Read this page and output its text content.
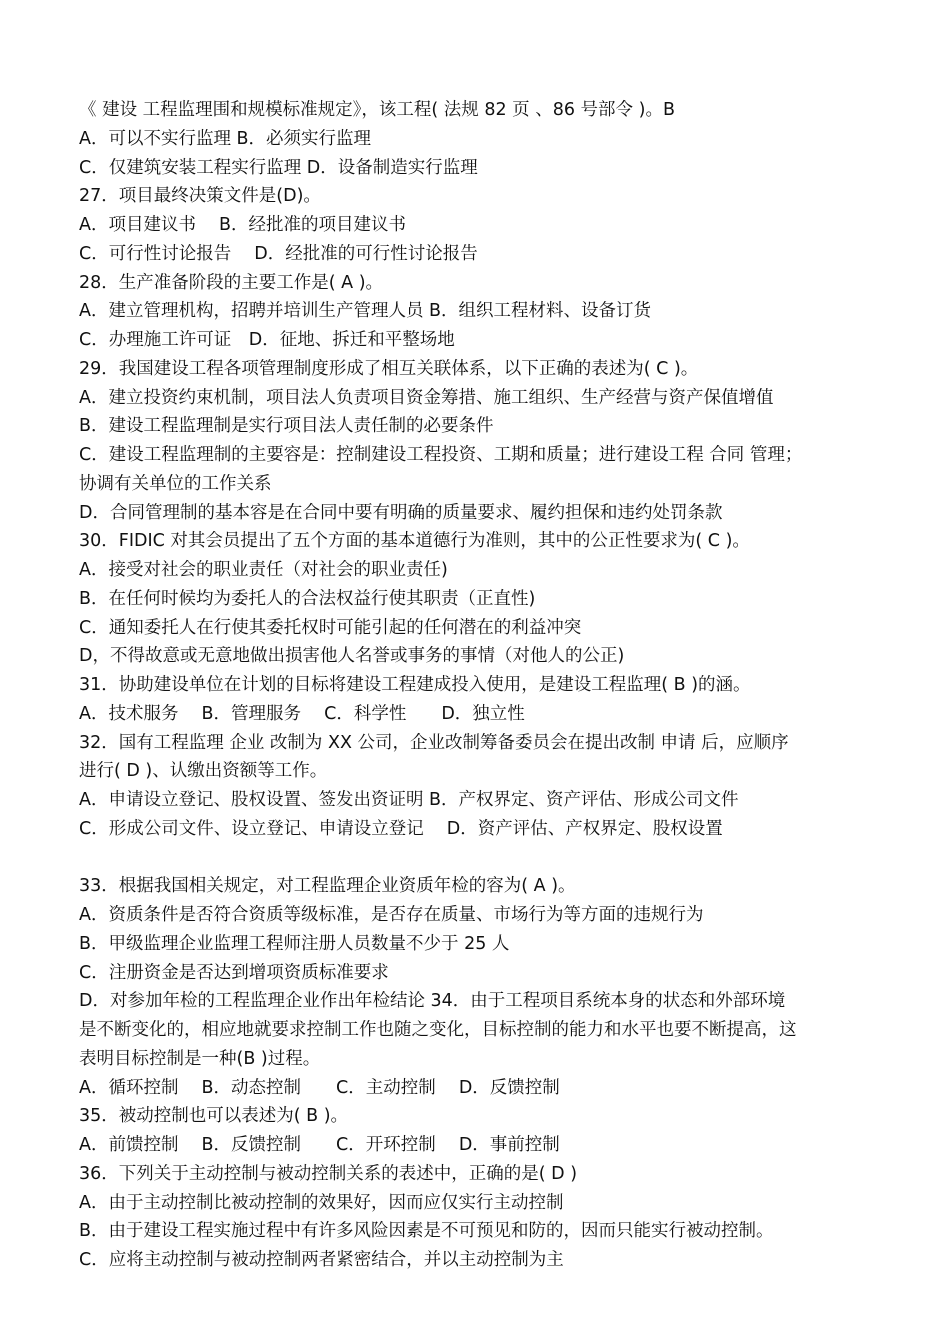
《 建设 工程监理围和规模标准规定》，该工程( 法规 82 页 、86 号部令 )。B
A．可以不实行监理 B．必须实行监理
C．仅建筑安装工程实行监理 D．设备制造实行监理
27．项目最终决策文件是(D)。
A．项目建议书　 B．经批准的项目建议书
C．可行性讨论报告　 D．经批准的可行性讨论报告
28．生产准备阶段的主要工作是( A )。
A．建立管理机构，招聘并培训生产管理人员 B．组织工程材料、设备订货
C．办理施工许可证　D．征地、拆迁和平整场地
29．我国建设工程各项管理制度形成了相互关联体系，以下正确的表述为( C )。
A．建立投资约束机制，项目法人负责项目资金筹措、施工组织、生产经营与资产保值增值
B．建设工程监理制是实行项目法人责任制的必要条件
C．建设工程监理制的主要容是：控制建设工程投资、工期和质量；进行建设工程 合同 管理；
协调有关单位的工作关系
D．合同管理制的基本容是在合同中要有明确的质量要求、履约担保和违约处罚条款
30．FIDIC 对其会员提出了五个方面的基本道德行为准则，其中的公正性要求为( C )。
A．接受对社会的职业责任（对社会的职业责任)
B．在任何时候均为委托人的合法权益行使其职责（正直性)
C．通知委托人在行使其委托权时可能引起的任何潜在的利益冲突
D，不得故意或无意地做出损害他人名誉或事务的事情（对他人的公正)
31．协助建设单位在计划的目标将建设工程建成投入使用，是建设工程监理( B )的涵。
A．技术服务　 B．管理服务　 C．科学性　　D．独立性
32．国有工程监理 企业 改制为 XX 公司，企业改制筹备委员会在提出改制 申请 后，应顺序
进行( D )、认缴出资额等工作。
A．申请设立登记、股权设置、签发出资证明 B．产权界定、资产评估、形成公司文件
C．形成公司文件、设立登记、申请设立登记　 D．资产评估、产权界定、股权设置
33．根据我国相关规定，对工程监理企业资质年检的容为( A )。
A．资质条件是否符合资质等级标准，是否存在质量、市场行为等方面的违规行为
B．甲级监理企业监理工程师注册人员数量不少于 25 人
C．注册资金是否达到增项资质标准要求
D．对参加年检的工程监理企业作出年检结论 34．由于工程项目系统本身的状态和外部环境
是不断变化的，相应地就要求控制工作也随之变化，目标控制的能力和水平也要不断提高，这
表明目标控制是一种(B )过程。
A．循环控制　 B．动态控制　　C．主动控制　 D．反馈控制
35．被动控制也可以表述为( B )。
A．前馈控制　 B．反馈控制　　C．开环控制　 D．事前控制
36．下列关于主动控制与被动控制关系的表述中，正确的是( D )
A．由于主动控制比被动控制的效果好，因而应仅实行主动控制
B．由于建设工程实施过程中有许多风险因素是不可预见和防的，因而只能实行被动控制。
C．应将主动控制与被动控制两者紧密结合，并以主动控制为主
